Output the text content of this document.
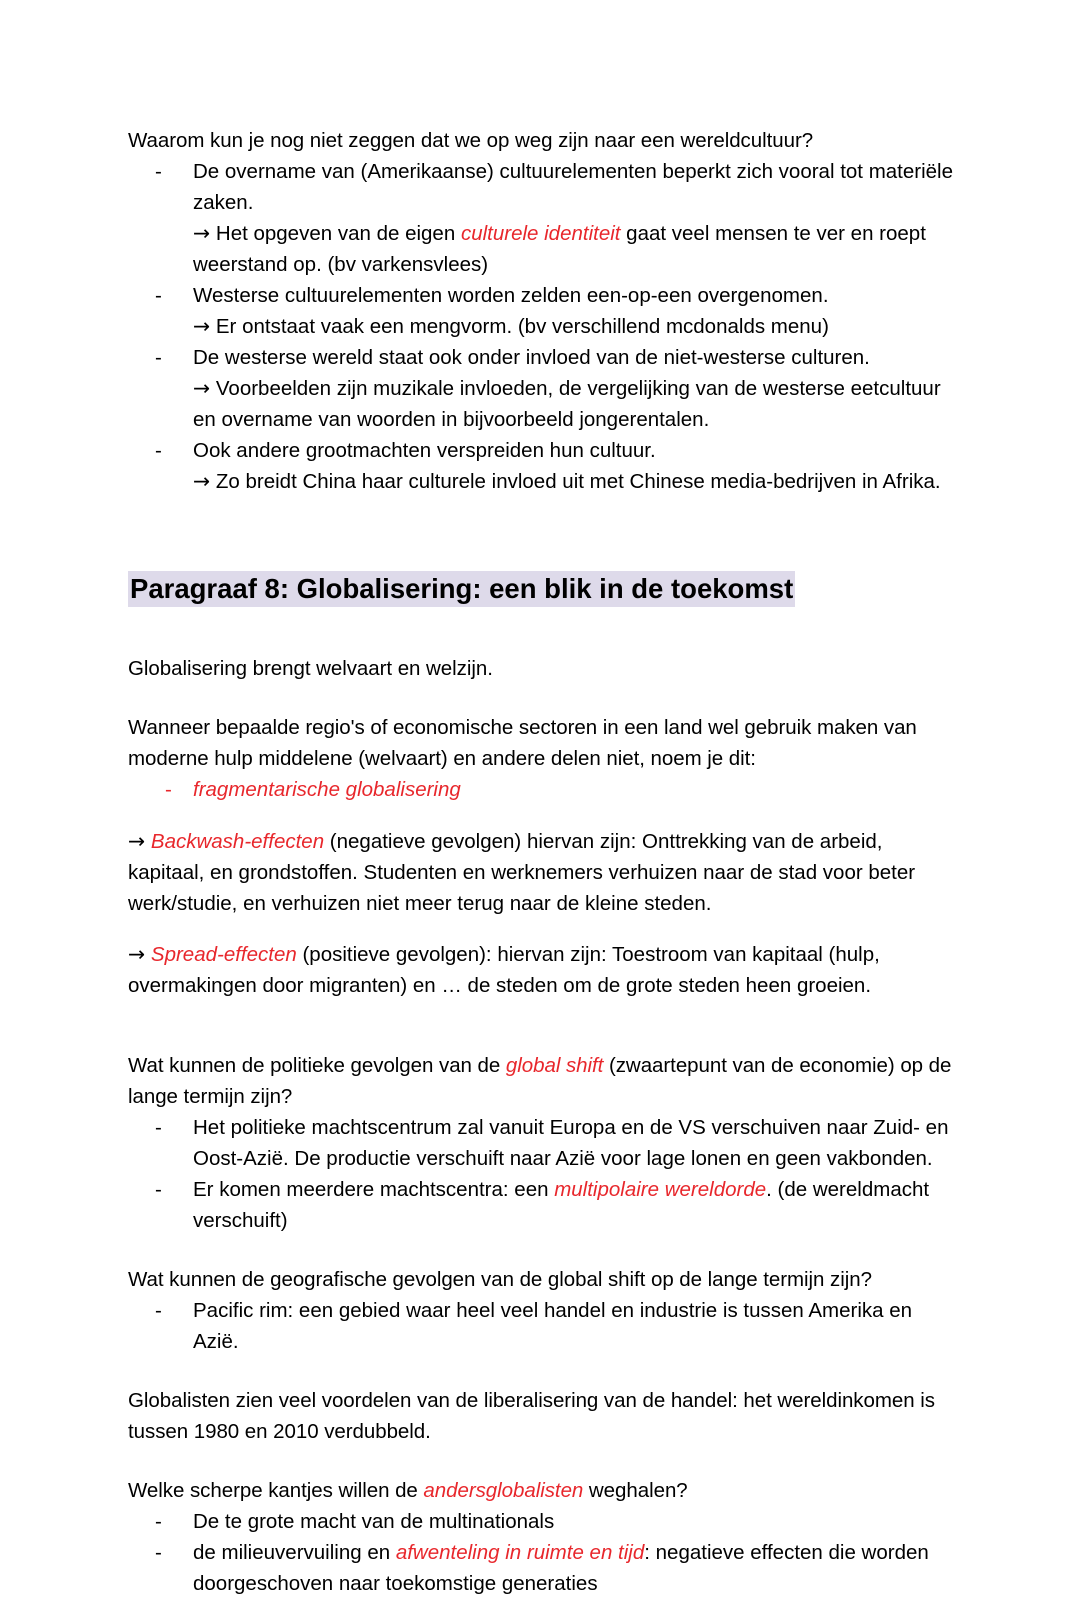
Waarom kun je nog niet zeggen dat we op weg zijn naar een wereldcultuur?

- De overname van (Amerikaanse) cultuurelementen beperkt zich vooral tot materiële zaken.
→ Het opgeven van de eigen culturele identiteit gaat veel mensen te ver en roept weerstand op. (bv varkensvlees)
- Westerse cultuurelementen worden zelden een-op-een overgenomen.
→ Er ontstaat vaak een mengvorm. (bv verschillend mcdonalds menu)
- De westerse wereld staat ook onder invloed van de niet-westerse culturen.
→ Voorbeelden zijn muzikale invloeden, de vergelijking van de westerse eetcultuur en overname van woorden in bijvoorbeeld jongerentalen.
- Ook andere grootmachten verspreiden hun cultuur.
→ Zo breidt China haar culturele invloed uit met Chinese media-bedrijven in Afrika.
Paragraaf 8: Globalisering: een blik in de toekomst

Globalisering brengt welvaart en welzijn.

Wanneer bepaalde regio's of economische sectoren in een land wel gebruik maken van moderne hulp middelene (welvaart) en andere delen niet, noem je dit:

- fragmentarische globalisering

→ Backwash-effecten (negatieve gevolgen) hiervan zijn: Onttrekking van de arbeid, kapitaal, en grondstoffen. Studenten en werknemers verhuizen naar de stad voor beter werk/studie, en verhuizen niet meer terug naar de kleine steden.

→ Spread-effecten (positieve gevolgen): hiervan zijn: Toestroom van kapitaal (hulp, overmakingen door migranten) en … de steden om de grote steden heen groeien.

Wat kunnen de politieke gevolgen van de global shift (zwaartepunt van de economie) op de lange termijn zijn?

- Het politieke machtscentrum zal vanuit Europa en de VS verschuiven naar Zuid- en Oost-Azië. De productie verschuift naar Azië voor lage lonen en geen vakbonden.
- Er komen meerdere machtscentra: een multipolaire wereldorde. (de wereldmacht verschuift)

Wat kunnen de geografische gevolgen van de global shift op de lange termijn zijn?

- Pacific rim: een gebied waar heel veel handel en industrie is tussen Amerika en Azië.

Globalisten zien veel voordelen van de liberalisering van de handel: het wereldinkomen is tussen 1980 en 2010 verdubbeld.

Welke scherpe kantjes willen de andersglobalisten weghalen?

- De te grote macht van de multinationals
- de milieuvervuiling en afwenteling in ruimte en tijd: negatieve effecten die worden doorgeschoven naar toekomstige generaties
